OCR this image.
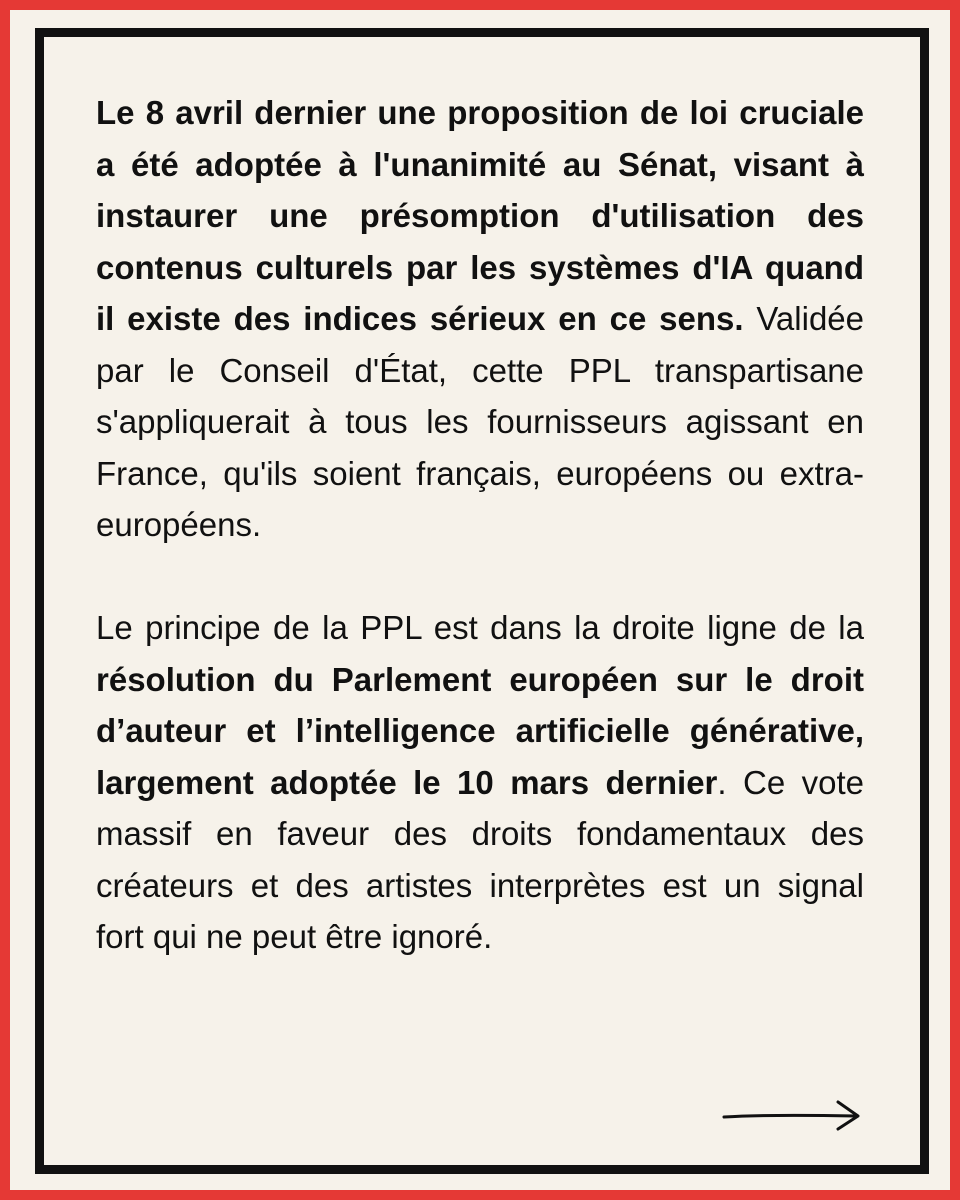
Le 8 avril dernier une proposition de loi cruciale a été adoptée à l'unanimité au Sénat, visant à instaurer une présomption d'utilisation des contenus culturels par les systèmes d'IA quand il existe des indices sérieux en ce sens. Validée par le Conseil d'État, cette PPL transpartisane s'appliquerait à tous les fournisseurs agissant en France, qu'ils soient français, européens ou extra-européens.

Le principe de la PPL est dans la droite ligne de la résolution du Parlement européen sur le droit d’auteur et l’intelligence artificielle générative, largement adoptée le 10 mars dernier. Ce vote massif en faveur des droits fondamentaux des créateurs et des artistes interprètes est un signal fort qui ne peut être ignoré.
